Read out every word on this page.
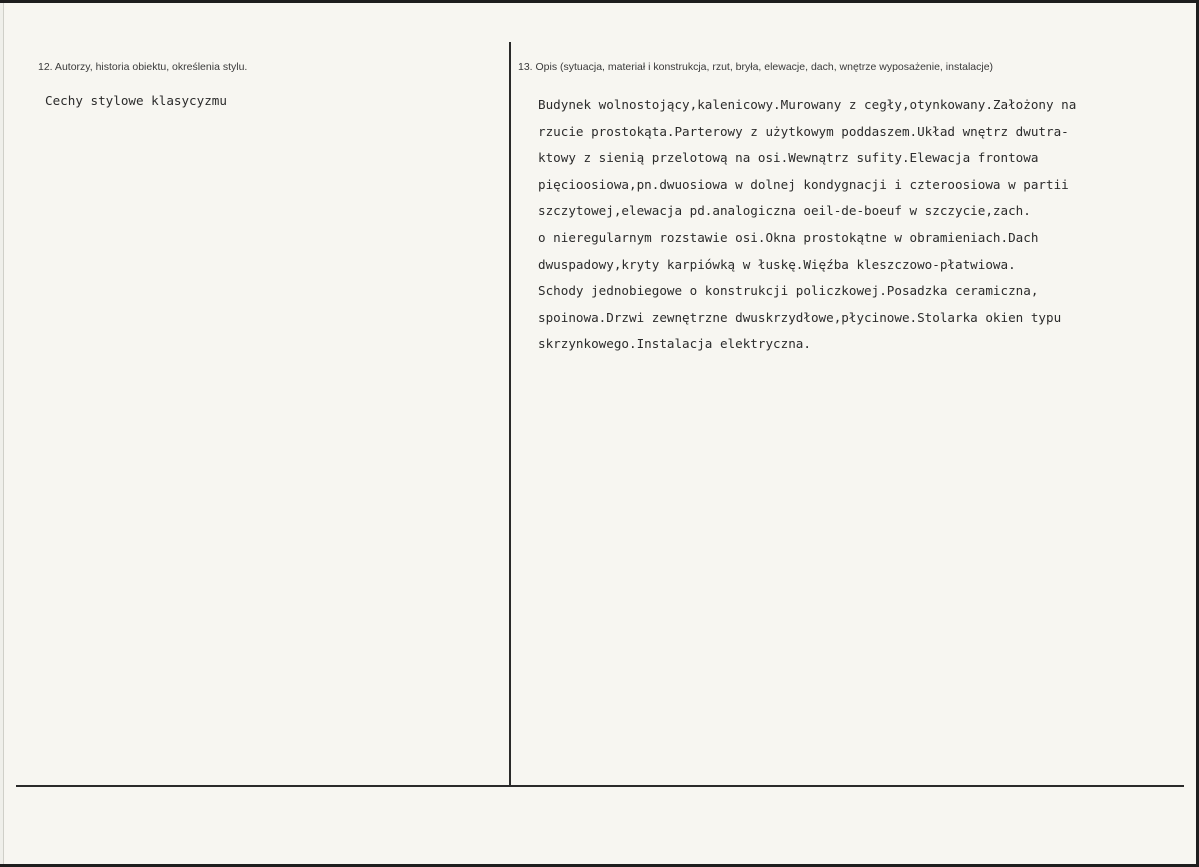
12. Autorzy, historia obiektu, określenia stylu.
Cechy stylowe klasycyzmu
13. Opis (sytuacja, materiał i konstrukcja, rzut, bryła, elewacje, dach, wnętrze wyposażenie, instalacje)
Budynek wolnostojący,kalenicowy.Murowany z cegły,otynkowany.Założony na
rzucie prostokąta.Parterowy z użytkowym poddaszem.Układ wnętrz dwutra-
ktowy z sienią przelotową na osi.Wewnątrz sufity.Elewacja frontowa
pięcioosiowa,pn.dwuosiowa w dolnej kondygnacji i czteroosiowa w partii
szczytowej,elewacja pd.analogiczna oeil-de-boeuf w szczycie,zach.
o nieregularnym rozstawie osi.Okna prostokątne w obramieniach.Dach
dwuspadowy,kryty karpiówką w łuskę.Więźba kleszczowo-płatwiowa.
Schody jednobiegowe o konstrukcji policzkowej.Posadzka ceramiczna,
spoinowa.Drzwi zewnętrzne dwuskrzydłowe,płycinowe.Stolarka okien typu
skrzynkowego.Instalacja elektryczna.
